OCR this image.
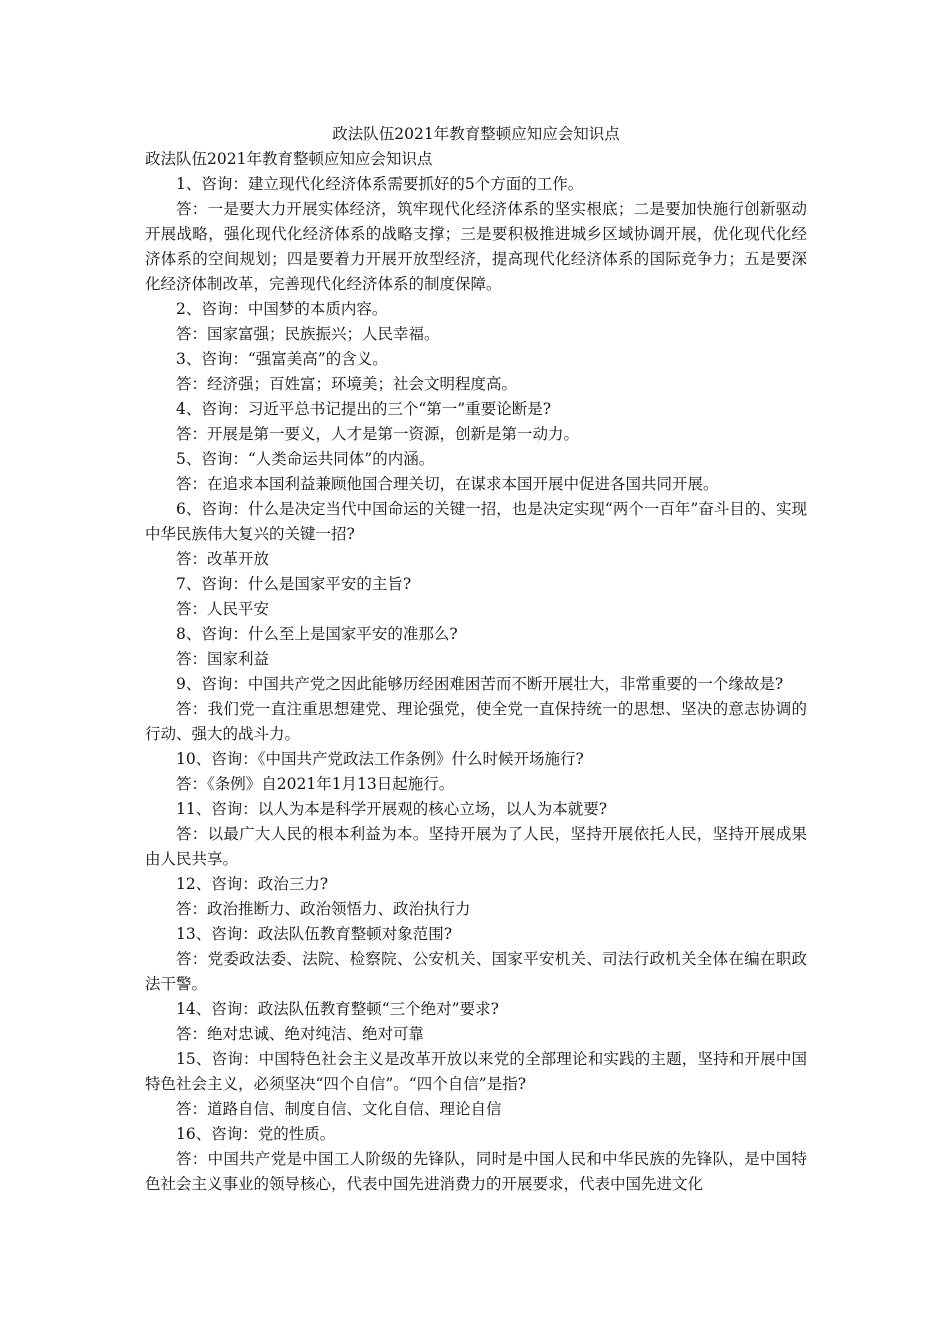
政法队伍2021年教育整顿应知应会知识点

政法队伍2021年教育整顿应知应会知识点

1、咨询：建立现代化经济体系需要抓好的5个方面的工作。

答：一是要大力开展实体经济，筑牢现代化经济体系的坚实根底；二是要加快施行创新驱动开展战略，强化现代化经济体系的战略支撑；三是要积极推进城乡区域协调开展，优化现代化经济体系的空间规划；四是要着力开展开放型经济，提高现代化经济体系的国际竞争力；五是要深化经济体制改革，完善现代化经济体系的制度保障。

2、咨询：中国梦的本质内容。

答：国家富强；民族振兴；人民幸福。

3、咨询：“强富美高”的含义。

答：经济强；百姓富；环境美；社会文明程度高。

4、咨询：习近平总书记提出的三个“第一”重要论断是?

答：开展是第一要义，人才是第一资源，创新是第一动力。

5、咨询：“人类命运共同体”的内涵。

答：在追求本国利益兼顾他国合理关切，在谋求本国开展中促进各国共同开展。

6、咨询：什么是决定当代中国命运的关键一招，也是决定实现“两个一百年”奋斗目的、实现中华民族伟大复兴的关键一招?

答：改革开放

7、咨询：什么是国家平安的主旨?

答：人民平安

8、咨询：什么至上是国家平安的准那么?

答：国家利益

9、咨询：中国共产党之因此能够历经困难困苦而不断开展壮大，非常重要的一个缘故是?

答：我们党一直注重思想建党、理论强党，使全党一直保持统一的思想、坚决的意志协调的行动、强大的战斗力。

10、咨询：《中国共产党政法工作条例》什么时候开场施行?

答：《条例》自2021年1月13日起施行。

11、咨询：以人为本是科学开展观的核心立场，以人为本就要?

答：以最广大人民的根本利益为本。坚持开展为了人民，坚持开展依托人民，坚持开展成果由人民共享。

12、咨询：政治三力?

答：政治推断力、政治领悟力、政治执行力

13、咨询：政法队伍教育整顿对象范围?

答：党委政法委、法院、检察院、公安机关、国家平安机关、司法行政机关全体在编在职政法干警。

14、咨询：政法队伍教育整顿“三个绝对”要求?

答：绝对忠诚、绝对纯洁、绝对可靠

15、咨询：中国特色社会主义是改革开放以来党的全部理论和实践的主题，坚持和开展中国特色社会主义，必须坚决“四个自信”。“四个自信”是指?

答：道路自信、制度自信、文化自信、理论自信

16、咨询：党的性质。

答：中国共产党是中国工人阶级的先锋队，同时是中国人民和中华民族的先锋队，是中国特色社会主义事业的领导核心，代表中国先进消费力的开展要求，代表中国先进文化
